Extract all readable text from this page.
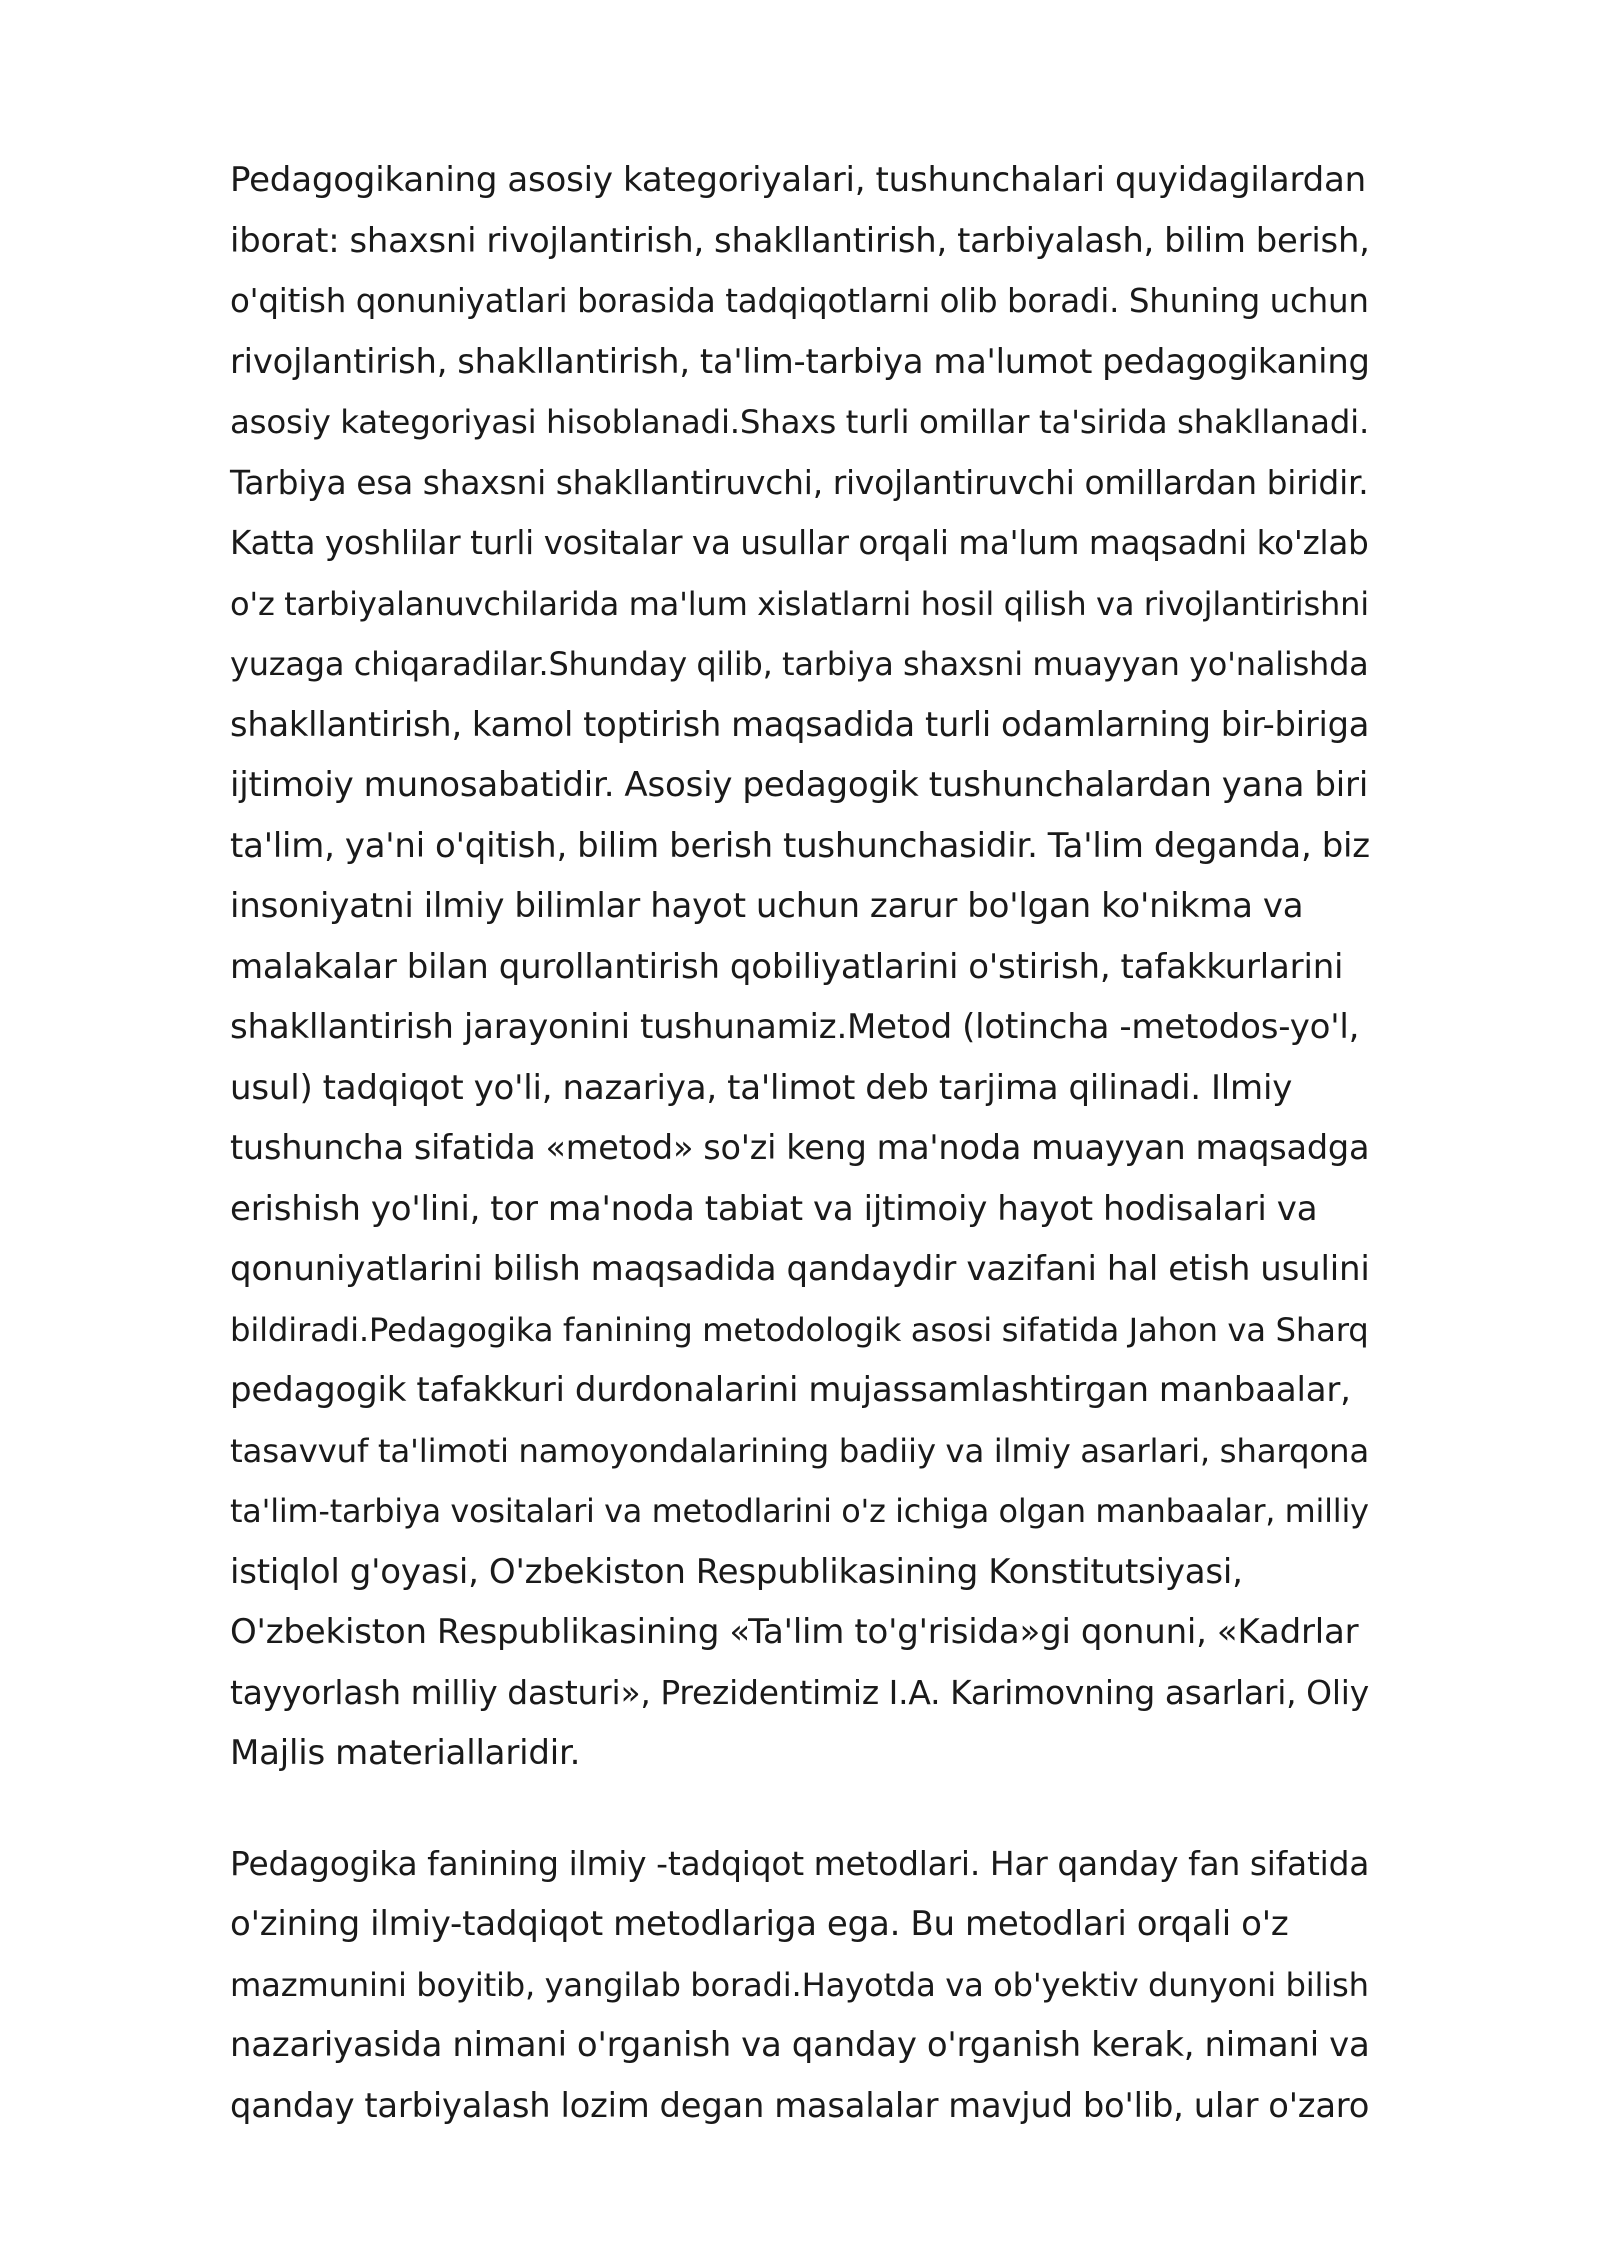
Pedagogikaning asosiy kategoriyalari, tushunchalari quyidagilardan
iborat: shaxsni rivojlantirish, shakllantirish, tarbiyalash, bilim berish,
o'qitish qonuniyatlari borasida tadqiqotlarni olib boradi. Shuning uchun
rivojlantirish, shakllantirish, ta'lim-tarbiya ma'lumot pedagogikaning
asosiy kategoriyasi hisoblanadi.Shaxs turli omillar ta'sirida shakllanadi.
Tarbiya esa shaxsni shakllantiruvchi, rivojlantiruvchi omillardan biridir.
Katta yoshlilar turli vositalar va usullar orqali ma'lum maqsadni ko'zlab
o'z tarbiyalanuvchilarida ma'lum xislatlarni hosil qilish va rivojlantirishni
yuzaga chiqaradilar.Shunday qilib, tarbiya shaxsni muayyan yo'nalishda
shakllantirish, kamol toptirish maqsadida turli odamlarning bir-biriga
ijtimoiy munosabatidir. Asosiy pedagogik tushunchalardan yana biri
ta'lim, ya'ni o'qitish, bilim berish tushunchasidir. Ta'lim deganda, biz
insoniyatni ilmiy bilimlar hayot uchun zarur bo'lgan ko'nikma va
malakalar bilan qurollantirish qobiliyatlarini o'stirish, tafakkurlarini
shakllantirish jarayonini tushunamiz.Metod (lotincha -metodos-yo'l,
usul) tadqiqot yo'li, nazariya, ta'limot deb tarjima qilinadi. Ilmiy
tushuncha sifatida «metod» so'zi keng ma'noda muayyan maqsadga
erishish yo'lini, tor ma'noda tabiat va ijtimoiy hayot hodisalari va
qonuniyatlarini bilish maqsadida qandaydir vazifani hal etish usulini
bildiradi.Pedagogika fanining metodologik asosi sifatida Jahon va Sharq
pedagogik tafakkuri durdonalarini mujassamlashtirgan manbaalar,
tasavvuf ta'limoti namoyondalarining badiiy va ilmiy asarlari, sharqona
ta'lim-tarbiya vositalari va metodlarini o'z ichiga olgan manbaalar, milliy
istiqlol g'oyasi, O'zbekiston Respublikasining Konstitutsiyasi,
O'zbekiston Respublikasining «Ta'lim to'g'risida»gi qonuni, «Kadrlar
tayyorlash milliy dasturi», Prezidentimiz I.A. Karimovning asarlari, Oliy
Majlis materiallaridir.
Pedagogika fanining ilmiy -tadqiqot metodlari. Har qanday fan sifatida
o'zining ilmiy-tadqiqot metodlariga ega. Bu metodlari orqali o'z
mazmunini boyitib, yangilab boradi.Hayotda va ob'yektiv dunyoni bilish
nazariyasida nimani o'rganish va qanday o'rganish kerak, nimani va
qanday tarbiyalash lozim degan masalalar mavjud bo'lib, ular o'zaro
